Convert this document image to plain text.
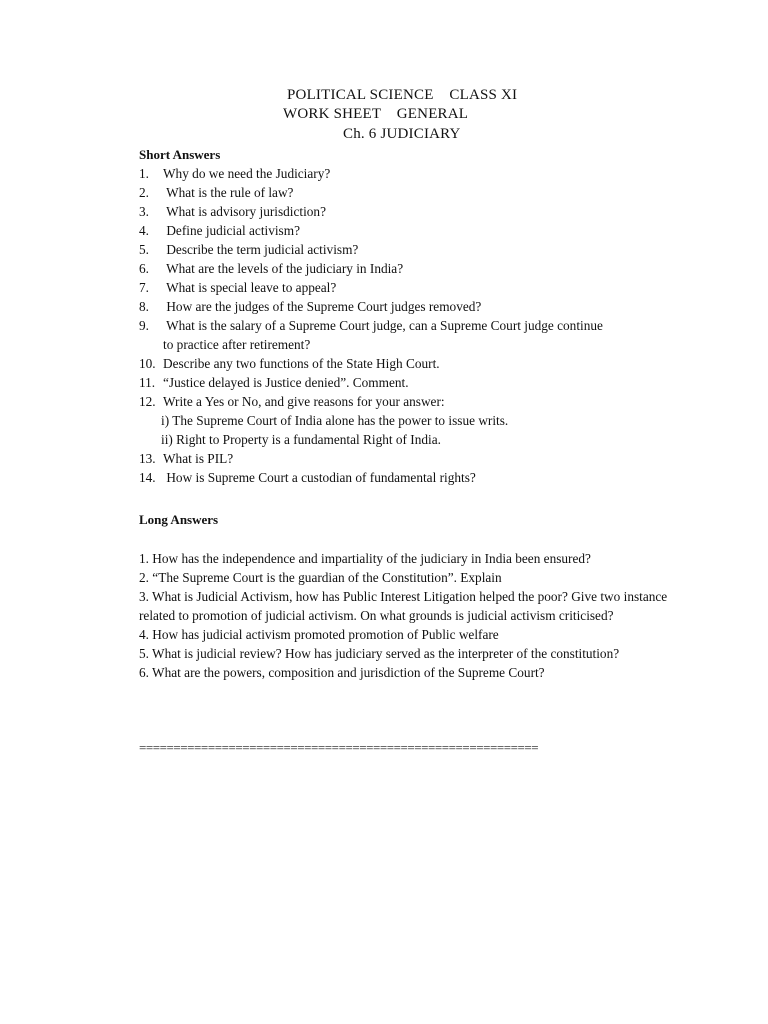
POLITICAL SCIENCE    CLASS XI
WORK SHEET    GENERAL
Ch. 6 JUDICIARY
Short Answers
1. Why do we need the Judiciary?
2. What is the rule of law?
3. What is advisory jurisdiction?
4. Define judicial activism?
5. Describe the term judicial activism?
6. What are the levels of the judiciary in India?
7. What is special leave to appeal?
8. How are the judges of the Supreme Court judges removed?
9. What is the salary of a Supreme Court judge, can a Supreme Court judge continue
to practice after retirement?
10. Describe any two functions of the State High Court.
11. “Justice delayed is Justice denied”. Comment.
12. Write a Yes or No, and give reasons for your answer:
i) The Supreme Court of India alone has the power to issue writs.
ii) Right to Property is a fundamental Right of India.
13. What is PIL?
14. How is Supreme Court a custodian of fundamental rights?
Long Answers
1. How has the independence and impartiality of the judiciary in India been ensured?
2. “The Supreme Court is the guardian of the Constitution”. Explain
3. What is Judicial Activism, how has Public Interest Litigation helped the poor? Give two instance related to promotion of judicial activism. On what grounds is judicial activism criticised?
4. How has judicial activism promoted promotion of Public welfare
5. What is judicial review? How has judiciary served as the interpreter of the constitution?
6. What are the powers, composition and jurisdiction of the Supreme Court?
==========================================================
